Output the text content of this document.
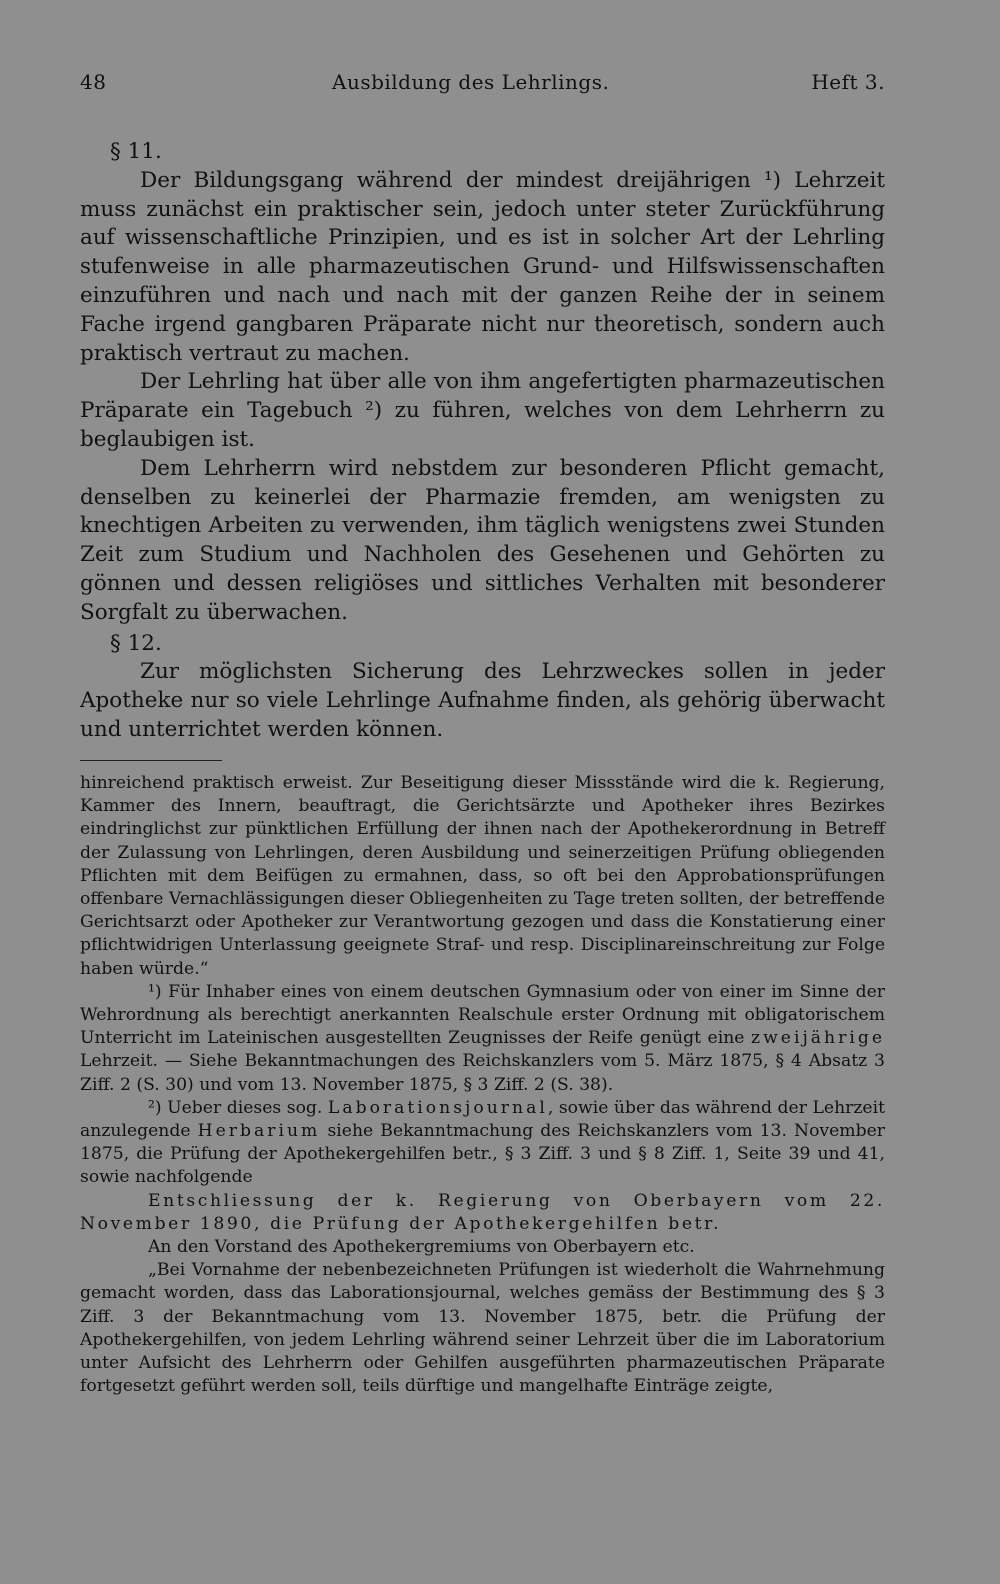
48	Ausbildung des Lehrlings.	Heft 3.

§ 11.

Der Bildungsgang während der mindest dreijährigen ¹) Lehrzeit muss zunächst ein praktischer sein, jedoch unter steter Zurückführung auf wissenschaftliche Prinzipien, und es ist in solcher Art der Lehrling stufenweise in alle pharmazeutischen Grund- und Hilfswissenschaften einzuführen und nach und nach mit der ganzen Reihe der in seinem Fache irgend gangbaren Präparate nicht nur theoretisch, sondern auch praktisch vertraut zu machen.

Der Lehrling hat über alle von ihm angefertigten pharmazeutischen Präparate ein Tagebuch ²) zu führen, welches von dem Lehrherrn zu beglaubigen ist.

Dem Lehrherrn wird nebstdem zur besonderen Pflicht gemacht, denselben zu keinerlei der Pharmazie fremden, am wenigsten zu knechtigen Arbeiten zu verwenden, ihm täglich wenigstens zwei Stunden Zeit zum Studium und Nachholen des Gesehenen und Gehörten zu gönnen und dessen religiöses und sittliches Verhalten mit besonderer Sorgfalt zu überwachen.

§ 12.

Zur möglichsten Sicherung des Lehrzweckes sollen in jeder Apotheke nur so viele Lehrlinge Aufnahme finden, als gehörig überwacht und unterrichtet werden können.

hinreichend praktisch erweist. Zur Beseitigung dieser Missstände wird die k. Regierung, Kammer des Innern, beauftragt, die Gerichtsärzte und Apotheker ihres Bezirkes eindringlichst zur pünktlichen Erfüllung der ihnen nach der Apothekerordnung in Betreff der Zulassung von Lehrlingen, deren Ausbildung und seinerzeitigen Prüfung obliegenden Pflichten mit dem Beifügen zu ermahnen, dass, so oft bei den Approbationsprüfungen offenbare Vernachlässigungen dieser Obliegenheiten zu Tage treten sollten, der betreffende Gerichtsarzt oder Apotheker zur Verantwortung gezogen und dass die Konstatierung einer pflichtwidrigen Unterlassung geeignete Straf- und resp. Disciplinareinschreitung zur Folge haben würde.“

¹) Für Inhaber eines von einem deutschen Gymnasium oder von einer im Sinne der Wehrordnung als berechtigt anerkannten Realschule erster Ordnung mit obligatorischem Unterricht im Lateinischen ausgestellten Zeugnisses der Reife genügt eine zweijährige Lehrzeit. — Siehe Bekanntmachungen des Reichskanzlers vom 5. März 1875, § 4 Absatz 3 Ziff. 2 (S. 30) und vom 13. November 1875, § 3 Ziff. 2 (S. 38).

²) Ueber dieses sog. Laborationsjournal, sowie über das während der Lehrzeit anzulegende Herbarium siehe Bekanntmachung des Reichskanzlers vom 13. November 1875, die Prüfung der Apothekergehilfen betr., § 3 Ziff. 3 und § 8 Ziff. 1, Seite 39 und 41, sowie nachfolgende

Entschliessung der k. Regierung von Oberbayern vom 22. November 1890, die Prüfung der Apothekergehilfen betr.

An den Vorstand des Apothekergremiums von Oberbayern etc.

„Bei Vornahme der nebenbezeichneten Prüfungen ist wiederholt die Wahrnehmung gemacht worden, dass das Laborationsjournal, welches gemäss der Bestimmung des § 3 Ziff. 3 der Bekanntmachung vom 13. November 1875, betr. die Prüfung der Apothekergehilfen, von jedem Lehrling während seiner Lehrzeit über die im Laboratorium unter Aufsicht des Lehrherrn oder Gehilfen ausgeführten pharmazeutischen Präparate fortgesetzt geführt werden soll, teils dürftige und mangelhafte Einträge zeigte,
